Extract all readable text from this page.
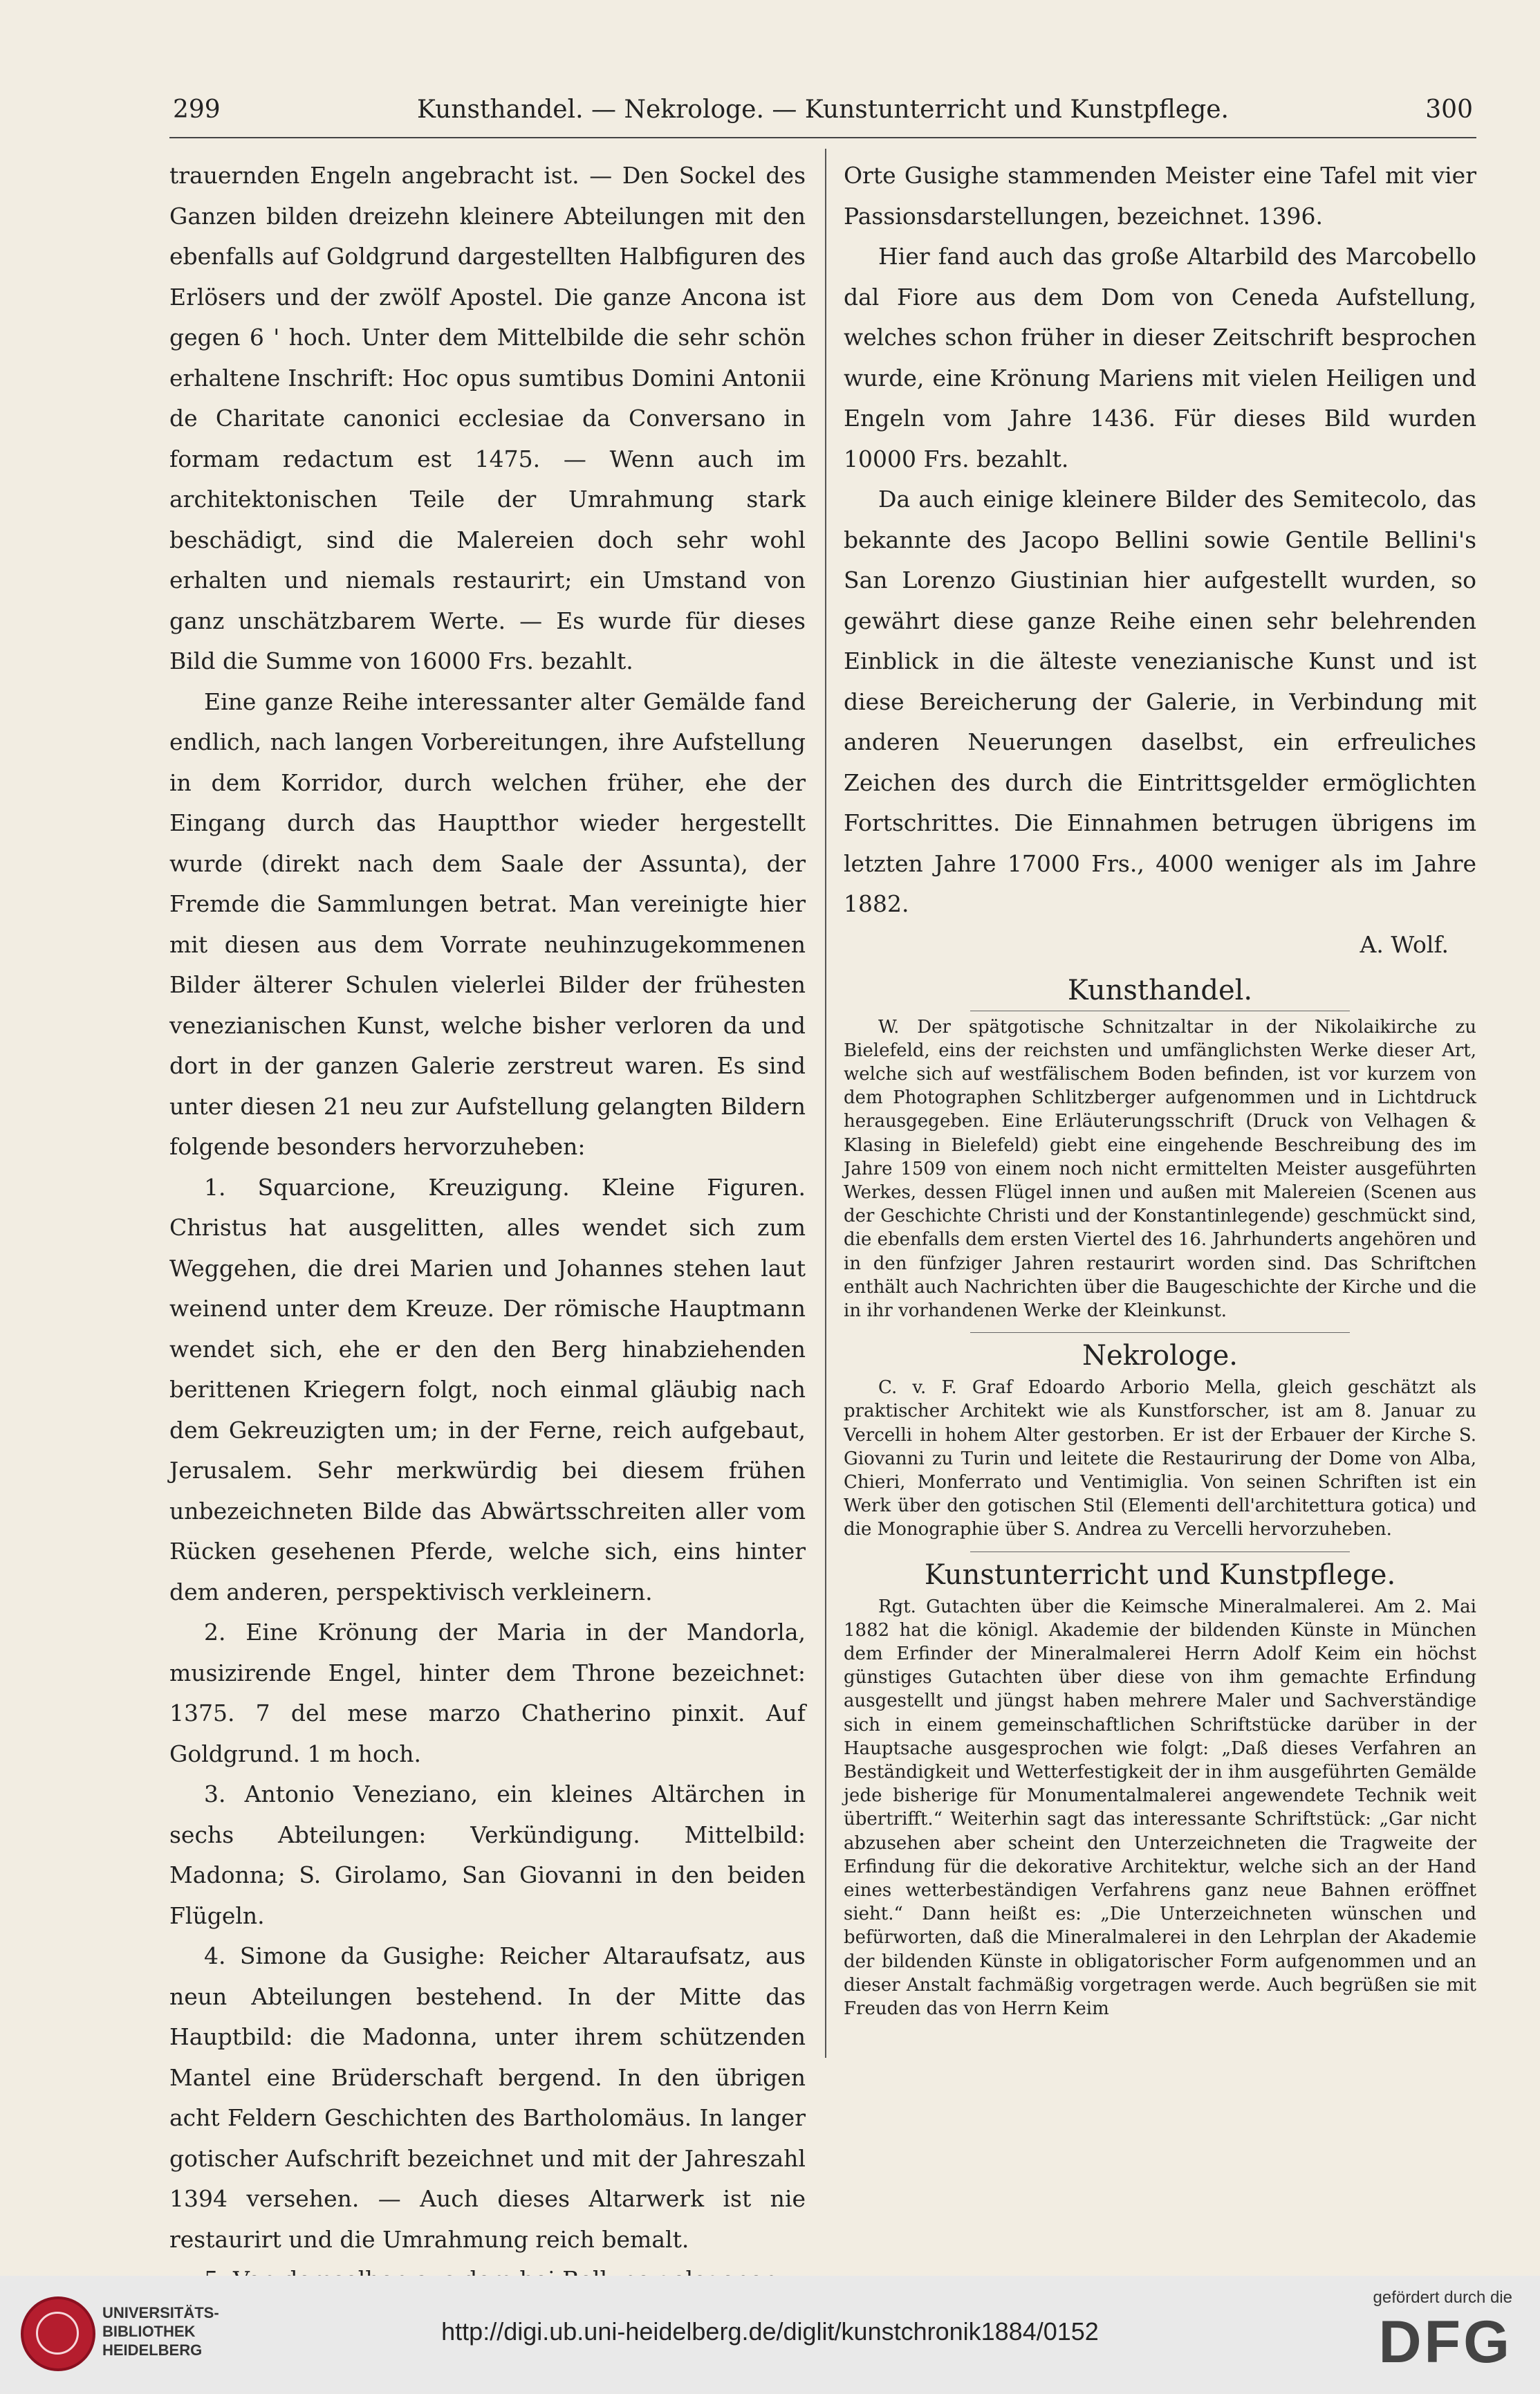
299	Kunsthandel. — Nekrologe. — Kunstunterricht und Kunstpflege.	300

trauernden Engeln angebracht ist. — Den Sockel des Ganzen bilden dreizehn kleinere Abteilungen mit den ebenfalls auf Goldgrund dargestellten Halbfiguren des Erlösers und der zwölf Apostel. Die ganze Ancona ist gegen 6 ' hoch. Unter dem Mittelbilde die sehr schön erhaltene Inschrift: Hoc opus sumtibus Domini Antonii de Charitate canonici ecclesiae da Conversano in formam redactum est 1475. — Wenn auch im architektonischen Teile der Umrahmung stark beschädigt, sind die Malereien doch sehr wohl erhalten und niemals restaurirt; ein Umstand von ganz unschätzbarem Werte. — Es wurde für dieses Bild die Summe von 16000 Frs. bezahlt.

Eine ganze Reihe interessanter alter Gemälde fand endlich, nach langen Vorbereitungen, ihre Aufstellung in dem Korridor, durch welchen früher, ehe der Eingang durch das Hauptthor wieder hergestellt wurde (direkt nach dem Saale der Assunta), der Fremde die Sammlungen betrat. Man vereinigte hier mit diesen aus dem Vorrate neuhinzugekommenen Bilder älterer Schulen vielerlei Bilder der frühesten venezianischen Kunst, welche bisher verloren da und dort in der ganzen Galerie zerstreut waren. Es sind unter diesen 21 neu zur Aufstellung gelangten Bildern folgende besonders hervorzuheben:

1. Squarcione, Kreuzigung. Kleine Figuren. Christus hat ausgelitten, alles wendet sich zum Weggehen, die drei Marien und Johannes stehen laut weinend unter dem Kreuze. Der römische Hauptmann wendet sich, ehe er den den Berg hinabziehenden berittenen Kriegern folgt, noch einmal gläubig nach dem Gekreuzigten um; in der Ferne, reich aufgebaut, Jerusalem. Sehr merkwürdig bei diesem frühen unbezeichneten Bilde das Abwärtsschreiten aller vom Rücken gesehenen Pferde, welche sich, eins hinter dem anderen, perspektivisch verkleinern.

2. Eine Krönung der Maria in der Mandorla, musizirende Engel, hinter dem Throne bezeichnet: 1375. 7 del mese marzo Chatherino pinxit. Auf Goldgrund. 1 m hoch.

3. Antonio Veneziano, ein kleines Altärchen in sechs Abteilungen: Verkündigung. Mittelbild: Madonna; S. Girolamo, San Giovanni in den beiden Flügeln.

4. Simone da Gusighe: Reicher Altaraufsatz, aus neun Abteilungen bestehend. In der Mitte das Hauptbild: die Madonna, unter ihrem schützenden Mantel eine Brüderschaft bergend. In den übrigen acht Feldern Geschichten des Bartholomäus. In langer gotischer Aufschrift bezeichnet und mit der Jahreszahl 1394 versehen. — Auch dieses Altarwerk ist nie restaurirt und die Umrahmung reich bemalt.

Orte Gusighe stammenden Meister eine Tafel mit vier Passionsdarstellungen, bezeichnet. 1396.

Hier fand auch das große Altarbild des Marcobello dal Fiore aus dem Dom von Ceneda Aufstellung, welches schon früher in dieser Zeitschrift besprochen wurde, eine Krönung Mariens mit vielen Heiligen und Engeln vom Jahre 1436. Für dieses Bild wurden 10000 Frs. bezahlt.

Da auch einige kleinere Bilder des Semitecolo, das bekannte des Jacopo Bellini sowie Gentile Bellini's San Lorenzo Giustinian hier aufgestellt wurden, so gewährt diese ganze Reihe einen sehr belehrenden Einblick in die älteste venezianische Kunst und ist diese Bereicherung der Galerie, in Verbindung mit anderen Neuerungen daselbst, ein erfreuliches Zeichen des durch die Eintrittsgelder ermöglichten Fortschrittes. Die Einnahmen betrugen übrigens im letzten Jahre 17000 Frs., 4000 weniger als im Jahre 1882.

A. Wolf.
Kunsthandel.

W. Der spätgotische Schnitzaltar in der Nikolaikirche zu Bielefeld, eins der reichsten und umfänglichsten Werke dieser Art, welche sich auf westfälischem Boden befinden, ist vor kurzem von dem Photographen Schlitzberger aufgenommen und in Lichtdruck herausgegeben. Eine Erläuterungsschrift (Druck von Velhagen & Klasing in Bielefeld) giebt eine eingehende Beschreibung des im Jahre 1509 von einem noch nicht ermittelten Meister ausgeführten Werkes, dessen Flügel innen und außen mit Malereien (Scenen aus der Geschichte Christi und der Konstantinlegende) geschmückt sind, die ebenfalls dem ersten Viertel des 16. Jahrhunderts angehören und in den fünfziger Jahren restaurirt worden sind. Das Schriftchen enthält auch Nachrichten über die Baugeschichte der Kirche und die in ihr vorhandenen Werke der Kleinkunst.

Nekrologe.

C. v. F. Graf Edoardo Arborio Mella, gleich geschätzt als praktischer Architekt wie als Kunstforscher, ist am 8. Januar zu Vercelli in hohem Alter gestorben. Er ist der Erbauer der Kirche S. Giovanni zu Turin und leitete die Restaurirung der Dome von Alba, Chieri, Monferrato und Ventimiglia. Von seinen Schriften ist ein Werk über den gotischen Stil (Elementi dell'architettura gotica) und die Monographie über S. Andrea zu Vercelli hervorzuheben.

Kunstunterricht und Kunstpflege.

Rgt. Gutachten über die Keimsche Mineralmalerei. Am 2. Mai 1882 hat die königl. Akademie der bildenden Künste in München dem Erfinder der Mineralmalerei Herrn Adolf Keim ein höchst günstiges Gutachten über diese von ihm gemachte Erfindung ausgestellt und jüngst haben mehrere Maler und Sachverständige sich in einem gemeinschaftlichen Schriftstücke darüber in der Hauptsache ausgesprochen wie folgt: „Daß dieses Verfahren an Beständigkeit und Wetterfestigkeit der in ihm ausgeführten Gemälde jede bisherige für Monumentalmalerei angewendete Technik weit übertrifft.“ Weiterhin sagt das interessante Schriftstück: „Gar nicht abzusehen aber scheint den Unterzeichneten die Tragweite der Erfindung für die dekorative Architektur, welche sich an der Hand eines wetterbeständigen Verfahrens ganz neue Bahnen eröffnet sieht.“ Dann heißt es: „Die Unterzeichneten wünschen und befürworten, daß die Mineralmalerei in den Lehrplan der Akademie der bildenden Künste in obligatorischer Form aufgenommen und an dieser Anstalt fachmäßig vorgetragen werde. Auch begrüßen sie mit Freuden das von Herrn Keim

UNIVERSITÄTS-
BIBLIOTHEK
HEIDELBERG
http://digi.ub.uni-heidelberg.de/diglit/kunstchronik1884/0152
gefördert durch die
DFG
